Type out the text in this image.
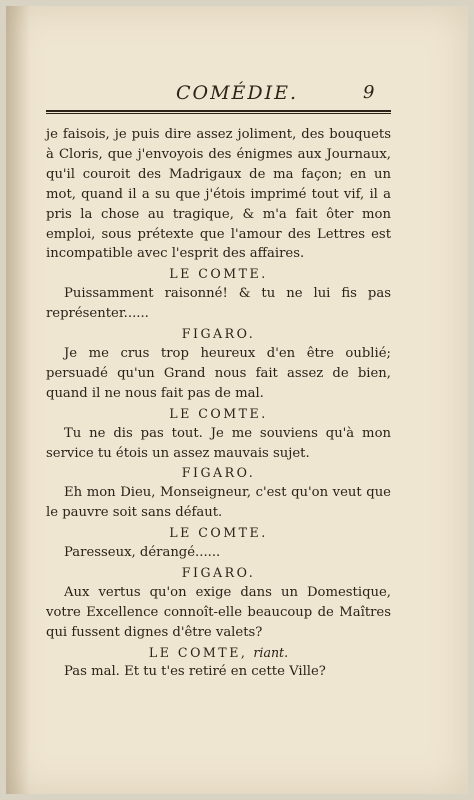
COMÉDIE.	9

je faisois, je puis dire assez joliment, des bouquets à Cloris, que j'envoyois des énigmes aux Journaux, qu'il couroit des Madrigaux de ma façon; en un mot, quand il a su que j'étois imprimé tout vif, il a pris la chose au tragique, & m'a fait ôter mon emploi, sous prétexte que l'amour des Lettres est incompatible avec l'esprit des affaires.

LE COMTE.

Puissamment raisonné! & tu ne lui fis pas représenter......

FIGARO.

Je me crus trop heureux d'en être oublié; persuadé qu'un Grand nous fait assez de bien, quand il ne nous fait pas de mal.

LE COMTE.

Tu ne dis pas tout. Je me souviens qu'à mon service tu étois un assez mauvais sujet.

FIGARO.

Eh mon Dieu, Monseigneur, c'est qu'on veut que le pauvre soit sans défaut.

LE COMTE.

Paresseux, dérangé......

FIGARO.

Aux vertus qu'on exige dans un Domestique, votre Excellence connoît-elle beaucoup de Maîtres qui fussent dignes d'être valets?

LE COMTE, riant.

Pas mal. Et tu t'es retiré en cette Ville?
